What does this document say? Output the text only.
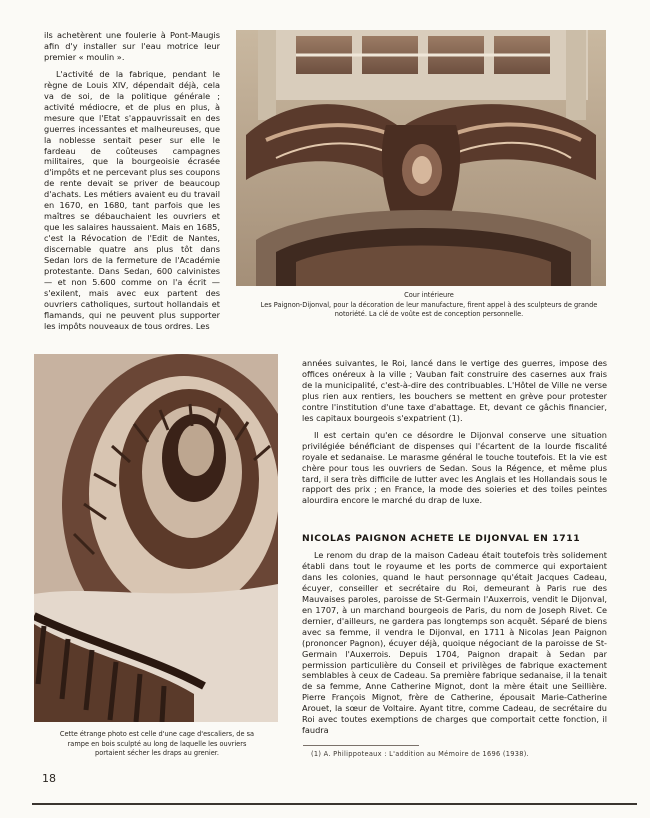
ils achetèrent une foulerie à Pont-Maugis afin d'y installer sur l'eau motrice leur premier « moulin ».

L'activité de la fabrique, pendant le règne de Louis XIV, dépendait déjà, cela va de soi, de la politique générale ; activité médiocre, et de plus en plus, à mesure que l'Etat s'appauvrissait en des guerres incessantes et malheureuses, que la noblesse sentait peser sur elle le fardeau de coûteuses campagnes militaires, que la bourgeoisie écrasée d'impôts et ne percevant plus ses coupons de rente devait se priver de beaucoup d'achats. Les métiers avaient eu du travail en 1670, en 1680, tant parfois que les maîtres se débauchaient les ouvriers et que les salaires haussaient. Mais en 1685, c'est la Révocation de l'Edit de Nantes, discernable quatre ans plus tôt dans Sedan lors de la fermeture de l'Académie protestante. Dans Sedan, 600 calvinistes — et non 5.600 comme on l'a écrit — s'exilent, mais avec eux partent des ouvriers catholiques, surtout hollandais et flamands, qui ne peuvent plus supporter les impôts nouveaux de tous ordres. Les

Cour intérieure
Les Paignon-Dijonval, pour la décoration de leur manufacture, firent appel à des sculpteurs de grande notoriété. La clé de voûte est de conception personnelle.
Cette étrange photo est celle d'une cage d'escaliers, de sa rampe en bois sculpté au long de laquelle les ouvriers portaient sécher les draps au grenier.

années suivantes, le Roi, lancé dans le vertige des guerres, impose des offices onéreux à la ville ; Vauban fait construire des casernes aux frais de la municipalité, c'est-à-dire des contribuables. L'Hôtel de Ville ne verse plus rien aux rentiers, les bouchers se mettent en grève pour protester contre l'institution d'une taxe d'abattage. Et, devant ce gâchis financier, les capitaux bourgeois s'expatrient (1).

Il est certain qu'en ce désordre le Dijonval conserve une situation privilégiée bénéficiant de dispenses qui l'écartent de la lourde fiscalité royale et sedanaise. Le marasme général le touche toutefois. Et la vie est chère pour tous les ouvriers de Sedan. Sous la Régence, et même plus tard, il sera très difficile de lutter avec les Anglais et les Hollandais sous le rapport des prix ; en France, la mode des soieries et des toiles peintes alourdira encore le marché du drap de luxe.

NICOLAS PAIGNON ACHETE LE DIJONVAL EN 1711

Le renom du drap de la maison Cadeau était toutefois très solidement établi dans tout le royaume et les ports de commerce qui exportaient dans les colonies, quand le haut personnage qu'était Jacques Cadeau, écuyer, conseiller et secrétaire du Roi, demeurant à Paris rue des Mauvaises paroles, paroisse de St-Germain l'Auxerrois, vendit le Dijonval, en 1707, à un marchand bourgeois de Paris, du nom de Joseph Rivet. Ce dernier, d'ailleurs, ne gardera pas longtemps son acquêt. Séparé de biens avec sa femme, il vendra le Dijonval, en 1711 à Nicolas Jean Paignon (prononcer Pagnon), écuyer déjà, quoique négociant de la paroisse de St-Germain l'Auxerrois. Depuis 1704, Paignon drapait à Sedan par permission particulière du Conseil et privilèges de fabrique exactement semblables à ceux de Cadeau. Sa première fabrique sedanaise, il la tenait de sa femme, Anne Catherine Mignot, dont la mère était une Seillière. Pierre François Mignot, frère de Catherine, épousait Marie-Catherine Arouet, la sœur de Voltaire. Ayant titre, comme Cadeau, de secrétaire du Roi avec toutes exemptions de charges que comportait cette fonction, il faudra

(1) A. Philippoteaux : L'addition au Mémoire de 1696 (1938).
18
